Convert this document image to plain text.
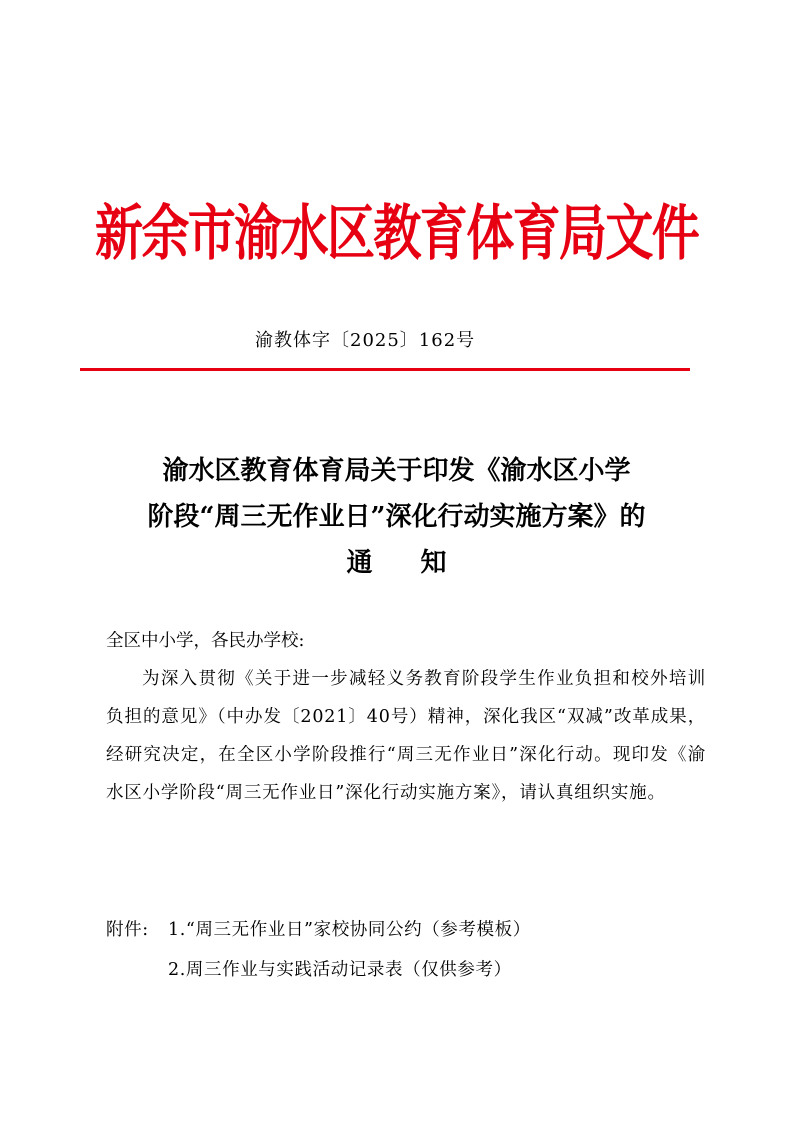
新余市渝水区教育体育局文件
渝教体字〔2025〕162号
渝水区教育体育局关于印发《渝水区小学
阶段“周三无作业日”深化行动实施方案》的
通知
全区中小学，各民办学校:
为深入贯彻《关于进一步减轻义务教育阶段学生作业负担和校外培训负担的意见》（中办发〔2021〕40号）精神，深化我区“双减”改革成果，经研究决定，在全区小学阶段推行“周三无作业日”深化行动。现印发《渝水区小学阶段“周三无作业日”深化行动实施方案》，请认真组织实施。
附件:	1.“周三无作业日”家校协同公约（参考模板）
2.周三作业与实践活动记录表（仅供参考）
